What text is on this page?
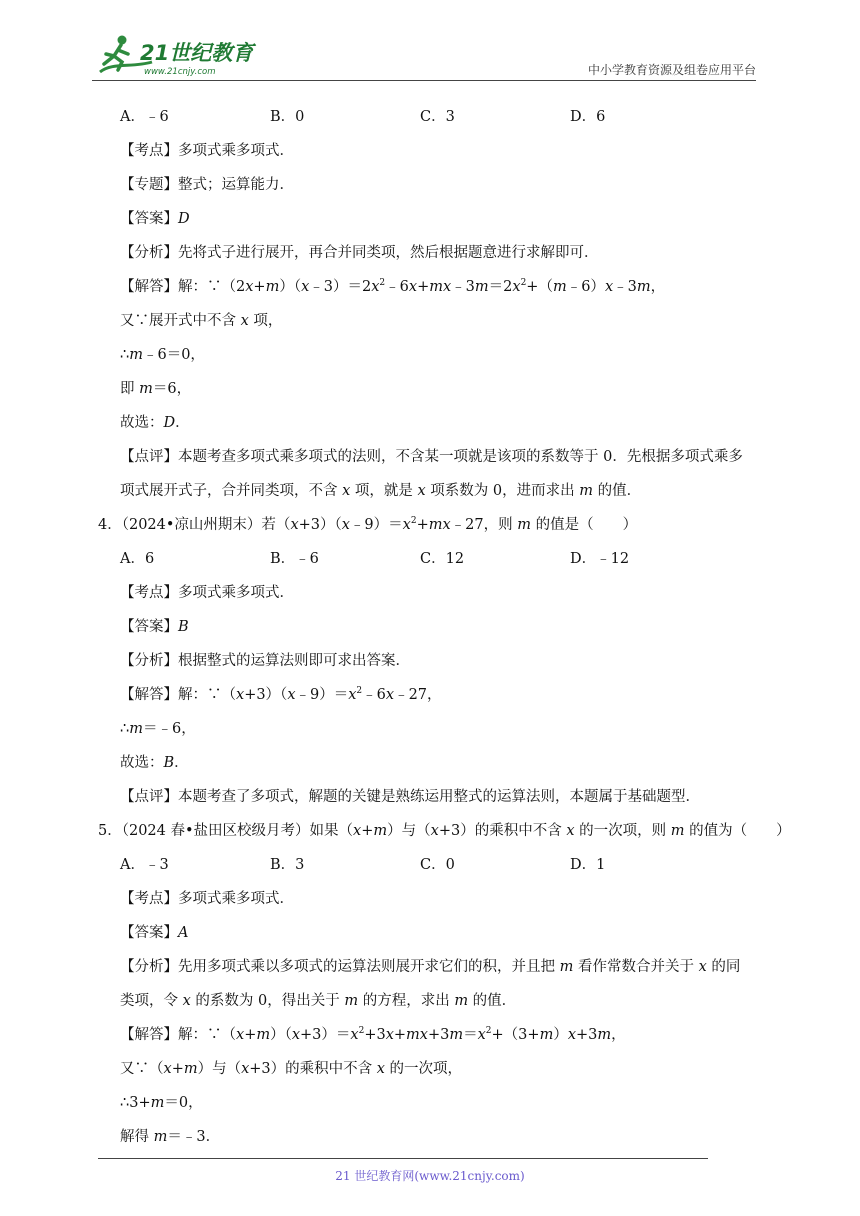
21世纪教育
www.21cnjy.com	中小学教育资源及组卷应用平台
A．﹣6	B．0	C．3	D．6
【考点】多项式乘多项式．
【专题】整式；运算能力．
【答案】D
【分析】先将式子进行展开，再合并同类项，然后根据题意进行求解即可．
【解答】解：$\because(2x+m)(x﹣3)=2x^2﹣6x+mx﹣3m=2x^2+(m﹣6)x﹣3m$，
又∵展开式中不含 x 项，
∴m﹣6＝0，
即 m＝6，
故选：D．
【点评】本题考查多项式乘多项式的法则，不含某一项就是该项的系数等于 0．先根据多项式乘多
项式展开式子，合并同类项，不含 x 项，就是 x 项系数为 0，进而求出 m 的值．
4．（2024•凉山州期末）若$(x+3)(x﹣9)=x^2+mx﹣27$，则 m 的值是（　　）
A．6	B．﹣6	C．12	D．﹣12
【考点】多项式乘多项式．
【答案】B
【分析】根据整式的运算法则即可求出答案．
【解答】解：$\because(x+3)(x﹣9)=x^2﹣6x﹣27$，
∴m＝﹣6，
故选：B．
【点评】本题考查了多项式，解题的关键是熟练运用整式的运算法则，本题属于基础题型．
5．（2024 春•盐田区校级月考）如果（x+m）与（x+3）的乘积中不含 x 的一次项，则 m 的值为（　　）
A．﹣3	B．3	C．0	D．1
【考点】多项式乘多项式．
【答案】A
【分析】先用多项式乘以多项式的运算法则展开求它们的积，并且把 m 看作常数合并关于 x 的同
类项，令 x 的系数为 0，得出关于 m 的方程，求出 m 的值．
【解答】解：$\because(x+m)(x+3)=x^2+3x+mx+3m=x^2+(3+m)x+3m$，
又∵（x+m）与（x+3）的乘积中不含 x 的一次项，
∴3+m＝0，
解得 m＝﹣3．
21 世纪教育网(www.21cnjy.com)
